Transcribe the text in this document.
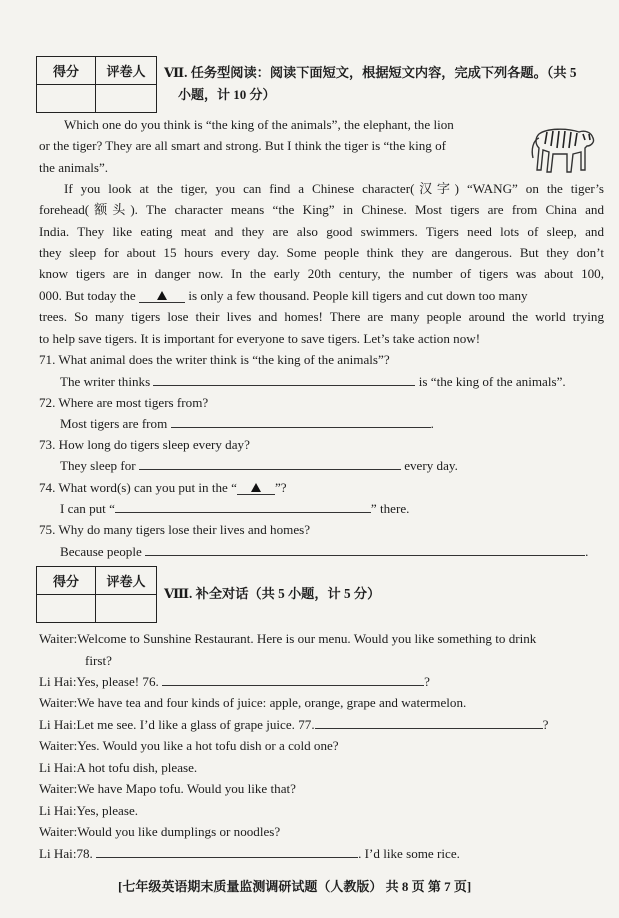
得分	评卷人
	Ⅶ. 任务型阅读：阅读下面短文，根据短文内容，完成下列各题。（共 5
小题，计 10 分）
Which one do you think is “the king of the animals”, the elephant, the lion
or the tiger? They are all smart and strong. But I think the tiger is “the king of
the animals”.
If you look at the tiger, you can find a Chinese character(汉字) “WANG” on the tiger’s
forehead(额头). The character means “the King” in Chinese. Most tigers are from China and
India. They like eating meat and they are also good swimmers. Tigers need lots of sleep, and
they sleep for about 15 hours every day. Some people think they are dangerous. But they don’t
know tigers are in danger now. In the early 20th century, the number of tigers was about 100,
000. But today the	is only a few thousand. People kill tigers and cut down too many
trees. So many tigers lose their lives and homes! There are many people around the world trying
to help save tigers. It is important for everyone to save tigers. Let’s take action now!
71. What animal does the writer think is “the king of the animals”?
The writer thinks	is “the king of the animals”.
72. Where are most tigers from?
Most tigers are from	.
73. How long do tigers sleep every day?
They sleep for	every day.
74. What word(s) can you put in the “	”?
I can put “	” there.
75. Why do many tigers lose their lives and homes?
Because people	.
得分	评卷人

Ⅷ. 补全对话（共 5 小题，计 5 分）
Waiter:Welcome to Sunshine Restaurant. Here is our menu. Would you like something to drink
first?
Li Hai:Yes, please! 76.	?
Waiter:We have tea and four kinds of juice: apple, orange, grape and watermelon.
Li Hai:Let me see. I’d like a glass of grape juice. 77.	?
Waiter:Yes. Would you like a hot tofu dish or a cold one?
Li Hai:A hot tofu dish, please.
Waiter:We have Mapo tofu. Would you like that?
Li Hai:Yes, please.
Waiter:Would you like dumplings or noodles?
Li Hai:78.	. I’d like some rice.
[七年级英语期末质量监测调研试题（人教版） 共 8 页 第 7 页]
